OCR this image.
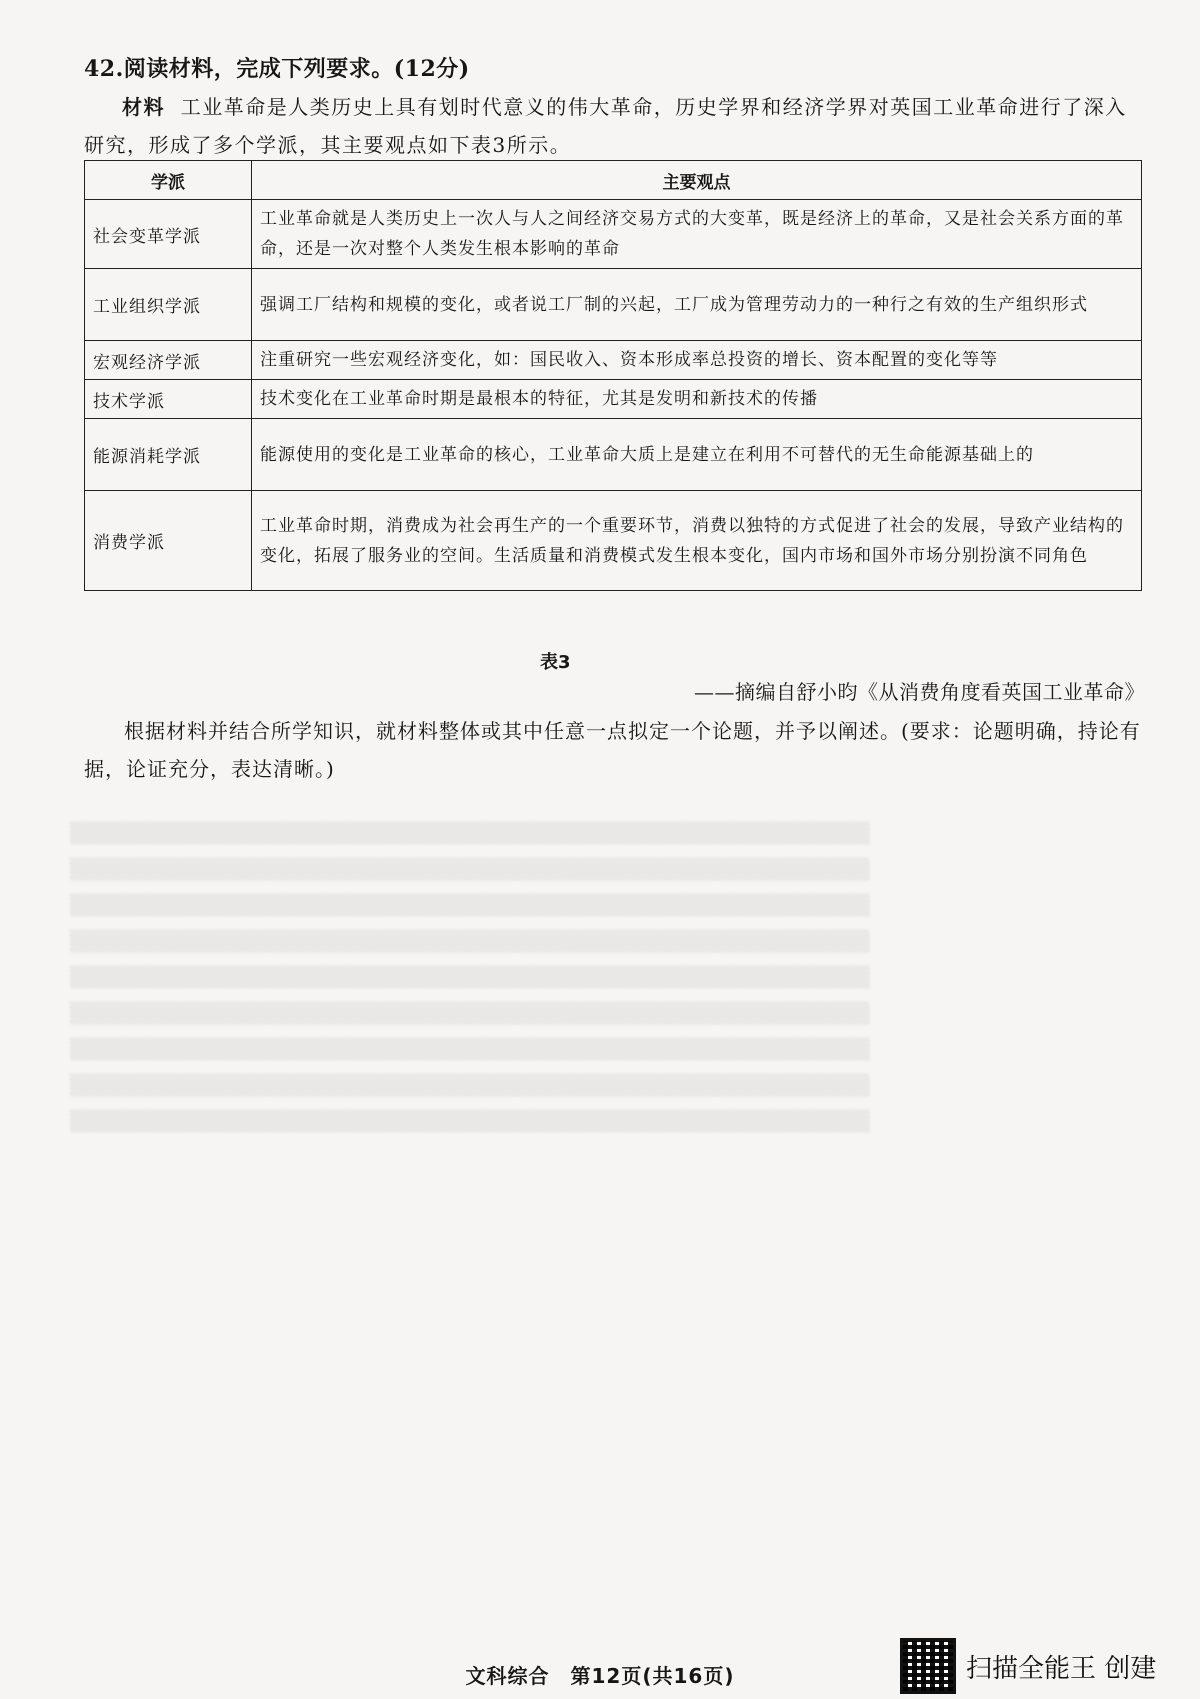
42.阅读材料，完成下列要求。(12分)
材料 工业革命是人类历史上具有划时代意义的伟大革命，历史学界和经济学界对英国工业革命进行了深入研究，形成了多个学派，其主要观点如下表3所示。
学派	主要观点
社会变革学派	工业革命就是人类历史上一次人与人之间经济交易方式的大变革，既是经济上的革命，又是社会关系方面的革命，还是一次对整个人类发生根本影响的革命
工业组织学派	强调工厂结构和规模的变化，或者说工厂制的兴起，工厂成为管理劳动力的一种行之有效的生产组织形式
宏观经济学派	注重研究一些宏观经济变化，如：国民收入、资本形成率总投资的增长、资本配置的变化等等
技术学派	技术变化在工业革命时期是最根本的特征，尤其是发明和新技术的传播
能源消耗学派	能源使用的变化是工业革命的核心，工业革命大质上是建立在利用不可替代的无生命能源基础上的
消费学派	工业革命时期，消费成为社会再生产的一个重要环节，消费以独特的方式促进了社会的发展，导致产业结构的变化，拓展了服务业的空间。生活质量和消费模式发生根本变化，国内市场和国外市场分别扮演不同角色
表3
——摘编自舒小昀《从消费角度看英国工业革命》
根据材料并结合所学知识，就材料整体或其中任意一点拟定一个论题，并予以阐述。(要求：论题明确，持论有据，论证充分，表达清晰。)
▒▒▒▒▒▒▒▒▒▒▒▒▒▒▒▒▒▒▒▒▒▒▒▒▒▒▒▒▒▒▒▒▒▒▒▒▒▒▒▒▒▒▒▒▒▒▒▒▒▒▒▒
▒▒▒▒▒▒▒▒▒▒▒▒▒▒▒▒▒▒▒▒▒▒▒▒▒▒▒▒▒▒▒▒▒▒▒▒▒▒▒▒▒▒▒▒▒▒▒▒▒▒▒▒
▒▒▒▒▒▒▒▒▒▒▒▒▒▒▒▒▒▒▒▒▒▒▒▒▒▒▒▒▒▒▒▒▒▒▒▒▒▒▒▒▒▒▒▒▒▒▒▒▒▒▒▒
▒▒▒▒▒▒▒▒▒▒▒▒▒▒▒▒▒▒▒▒▒▒▒▒▒▒▒▒▒▒▒▒▒▒▒▒▒▒▒▒▒▒▒▒▒▒▒▒▒▒▒▒
▒▒▒▒▒▒▒▒▒▒▒▒▒▒▒▒▒▒▒▒▒▒▒▒▒▒▒▒▒▒▒▒▒▒▒▒▒▒▒▒▒▒▒▒▒▒▒▒▒▒▒▒
▒▒▒▒▒▒▒▒▒▒▒▒▒▒▒▒▒▒▒▒▒▒▒▒▒▒▒▒▒▒▒▒▒▒▒▒▒▒▒▒▒▒▒▒▒▒▒▒▒▒▒▒
▒▒▒▒▒▒▒▒▒▒▒▒▒▒▒▒▒▒▒▒▒▒▒▒▒▒▒▒▒▒▒▒▒▒▒▒▒▒▒▒▒▒▒▒▒▒▒▒▒▒▒▒
▒▒▒▒▒▒▒▒▒▒▒▒▒▒▒▒▒▒▒▒▒▒▒▒▒▒▒▒▒▒▒▒▒▒▒▒▒▒▒▒▒▒▒▒▒▒▒▒▒▒▒▒
▒▒▒▒▒▒▒▒▒▒▒▒▒▒▒▒▒▒▒▒▒▒▒▒▒▒▒▒▒▒▒▒▒▒▒▒▒▒▒▒▒▒▒▒▒▒▒▒▒▒▒▒
文科综合　第12页(共16页)	扫描全能王 创建
